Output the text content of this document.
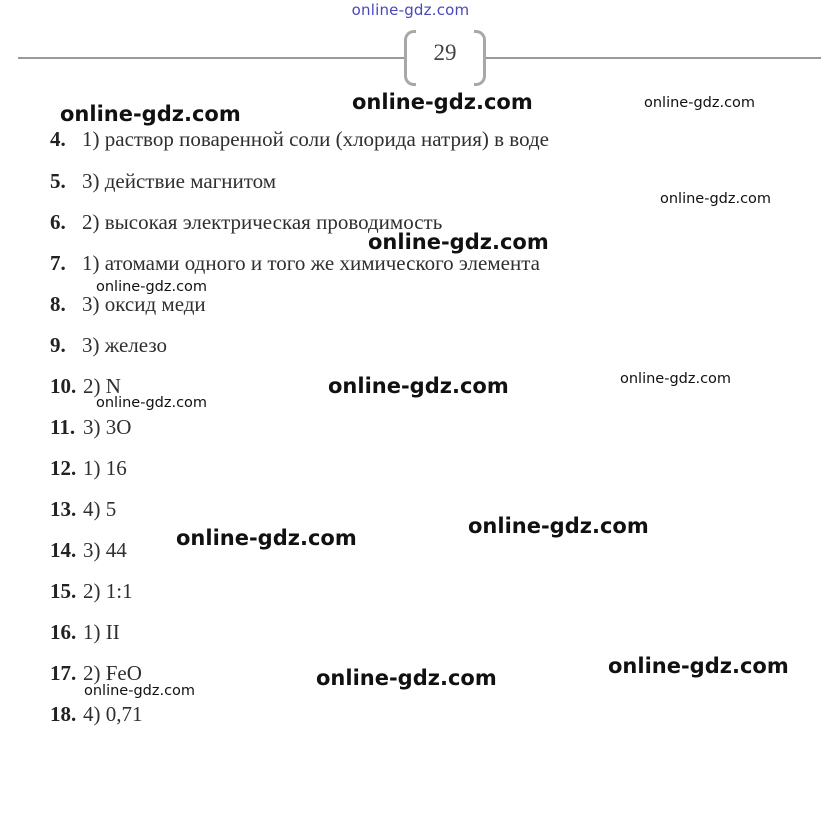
online-gdz.com
29
4. 1) раствор поваренной соли (хлорида натрия) в воде
5. 3) действие магнитом
6. 2) высокая электрическая проводимость
7. 1) атомами одного и того же химического элемента
8. 3) оксид меди
9. 3) железо
10. 2) N
11. 3) 3O
12. 1) 16
13. 4) 5
14. 3) 44
15. 2) 1:1
16. 1) II
17. 2) FeO
18. 4) 0,71
online-gdz.com	online-gdz.com	online-gdz.com
online-gdz.com
online-gdz.com
online-gdz.com
online-gdz.com	online-gdz.com
online-gdz.com
online-gdz.com
online-gdz.com
online-gdz.com
online-gdz.com
online-gdz.com
